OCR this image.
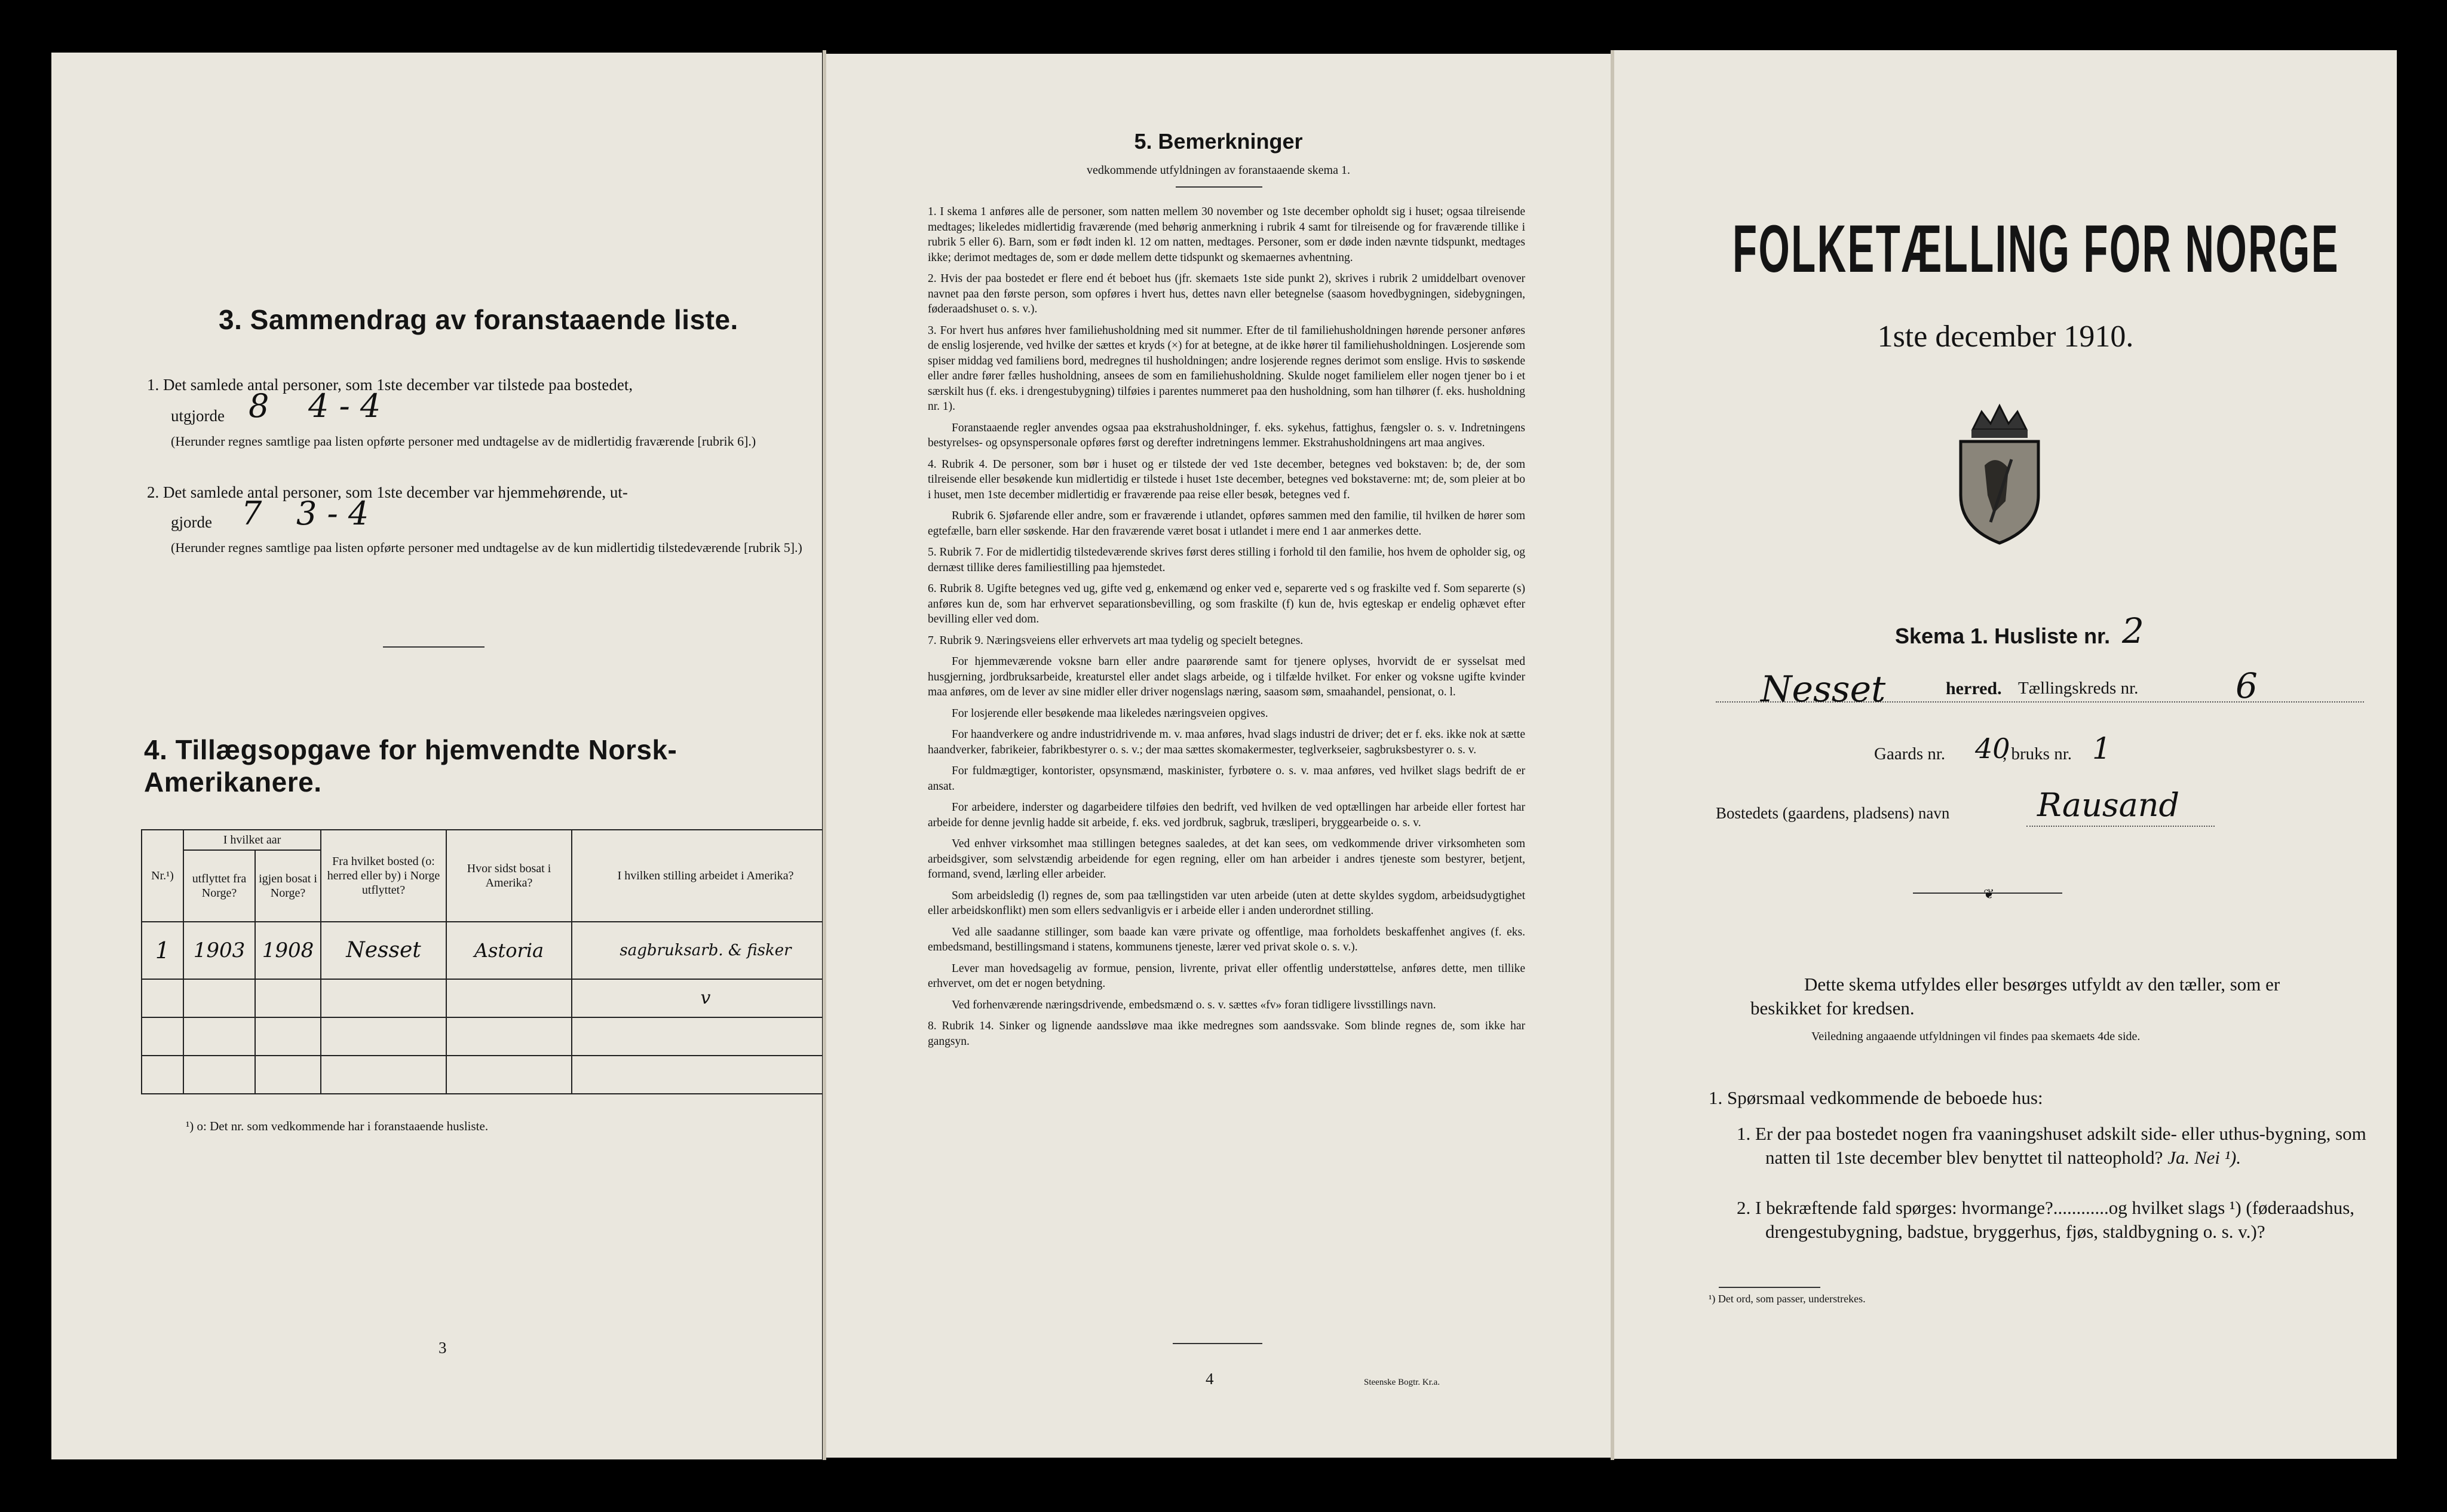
3. Sammendrag av foranstaaende liste.
1. Det samlede antal personer, som 1ste december var tilstede paa bostedet,
utgjorde 8 4 - 4
(Herunder regnes samtlige paa listen opførte personer med undtagelse av de midlertidig fraværende [rubrik 6].)
2. Det samlede antal personer, som 1ste december var hjemmehørende, ut-
gjorde 7 3 - 4
(Herunder regnes samtlige paa listen opførte personer med undtagelse av de kun midlertidig tilstedeværende [rubrik 5].)
4. Tillægsopgave for hjemvendte Norsk-Amerikanere.
Nr.¹)	I hvilket aar		Fra hvilket bosted (o: herred eller by) i Norge utflyttet?	Hvor sidst bosat i Amerika?	I hvilken stilling arbeidet i Amerika?
	utflyttet fra Norge?	igjen bosat i Norge?			
1	1903	1908	Nesset	Astoria	sagbruksarb. & fisker
					v

¹) o: Det nr. som vedkommende har i foranstaaende husliste.
3
5. Bemerkninger
vedkommende utfyldningen av foranstaaende skema 1.

1. I skema 1 anføres alle de personer, som natten mellem 30 november og 1ste december opholdt sig i huset; ogsaa tilreisende medtages; likeledes midlertidig fraværende (med behørig anmerkning i rubrik 4 samt for tilreisende og for fraværende tillike i rubrik 5 eller 6). Barn, som er født inden kl. 12 om natten, medtages. Personer, som er døde inden nævnte tidspunkt, medtages ikke; derimot medtages de, som er døde mellem dette tidspunkt og skemaernes avhentning.

2. Hvis der paa bostedet er flere end ét beboet hus (jfr. skemaets 1ste side punkt 2), skrives i rubrik 2 umiddelbart ovenover navnet paa den første person, som opføres i hvert hus, dettes navn eller betegnelse (saasom hovedbygningen, sidebygningen, føderaadshuset o. s. v.).

3. For hvert hus anføres hver familiehusholdning med sit nummer. Efter de til familiehusholdningen hørende personer anføres de enslig losjerende, ved hvilke der sættes et kryds (×) for at betegne, at de ikke hører til familiehusholdningen. Losjerende som spiser middag ved familiens bord, medregnes til husholdningen; andre losjerende regnes derimot som enslige. Hvis to søskende eller andre fører fælles husholdning, ansees de som en familiehusholdning. Skulde noget familielem eller nogen tjener bo i et særskilt hus (f. eks. i drengestubygning) tilføies i parentes nummeret paa den husholdning, som han tilhører (f. eks. husholdning nr. 1).

Foranstaaende regler anvendes ogsaa paa ekstrahusholdninger, f. eks. sykehus, fattighus, fængsler o. s. v. Indretningens bestyrelses- og opsynspersonale opføres først og derefter indretningens lemmer. Ekstrahusholdningens art maa angives.

4. Rubrik 4. De personer, som bør i huset og er tilstede der ved 1ste december, betegnes ved bokstaven: b; de, der som tilreisende eller besøkende kun midlertidig er tilstede i huset 1ste december, betegnes ved bokstaverne: mt; de, som pleier at bo i huset, men 1ste december midlertidig er fraværende paa reise eller besøk, betegnes ved f.

Rubrik 6. Sjøfarende eller andre, som er fraværende i utlandet, opføres sammen med den familie, til hvilken de hører som egtefælle, barn eller søskende. Har den fraværende været bosat i utlandet i mere end 1 aar anmerkes dette.

5. Rubrik 7. For de midlertidig tilstedeværende skrives først deres stilling i forhold til den familie, hos hvem de opholder sig, og dernæst tillike deres familiestilling paa hjemstedet.

6. Rubrik 8. Ugifte betegnes ved ug, gifte ved g, enkemænd og enker ved e, separerte ved s og fraskilte ved f. Som separerte (s) anføres kun de, som har erhvervet separationsbevilling, og som fraskilte (f) kun de, hvis egteskap er endelig ophævet efter bevilling eller ved dom.

7. Rubrik 9. Næringsveiens eller erhvervets art maa tydelig og specielt betegnes.

For hjemmeværende voksne barn eller andre paarørende samt for tjenere oplyses, hvorvidt de er sysselsat med husgjerning, jordbruksarbeide, kreaturstel eller andet slags arbeide, og i tilfælde hvilket. For enker og voksne ugifte kvinder maa anføres, om de lever av sine midler eller driver nogenslags næring, saasom søm, smaahandel, pensionat, o. l.

For losjerende eller besøkende maa likeledes næringsveien opgives.

For haandverkere og andre industridrivende m. v. maa anføres, hvad slags industri de driver; det er f. eks. ikke nok at sætte haandverker, fabrikeier, fabrikbestyrer o. s. v.; der maa sættes skomakermester, teglverkseier, sagbruksbestyrer o. s. v.

For fuldmægtiger, kontorister, opsynsmænd, maskinister, fyrbøtere o. s. v. maa anføres, ved hvilket slags bedrift de er ansat.

For arbeidere, inderster og dagarbeidere tilføies den bedrift, ved hvilken de ved optællingen har arbeide eller fortest har arbeide for denne jevnlig hadde sit arbeide, f. eks. ved jordbruk, sagbruk, træsliperi, bryggearbeide o. s. v.

Ved enhver virksomhet maa stillingen betegnes saaledes, at det kan sees, om vedkommende driver virksomheten som arbeidsgiver, som selvstændig arbeidende for egen regning, eller om han arbeider i andres tjeneste som bestyrer, betjent, formand, svend, lærling eller arbeider.

Som arbeidsledig (l) regnes de, som paa tællingstiden var uten arbeide (uten at dette skyldes sygdom, arbeidsudygtighet eller arbeidskonflikt) men som ellers sedvanligvis er i arbeide eller i anden underordnet stilling.

Ved alle saadanne stillinger, som baade kan være private og offentlige, maa forholdets beskaffenhet angives (f. eks. embedsmand, bestillingsmand i statens, kommunens tjeneste, lærer ved privat skole o. s. v.).

Lever man hovedsagelig av formue, pension, livrente, privat eller offentlig understøttelse, anføres dette, men tillike erhvervet, om det er nogen betydning.

Ved forhenværende næringsdrivende, embedsmænd o. s. v. sættes «fv» foran tidligere livsstillings navn.

8. Rubrik 14. Sinker og lignende aandssløve maa ikke medregnes som aandssvake. Som blinde regnes de, som ikke har gangsyn.

4	Steenske Bogtr. Kr.a.
FOLKETÆLLING FOR NORGE
1ste december 1910.
Skema 1. Husliste nr. 2
Nesset	herred. Tællingskreds nr.	6
Gaards nr. 40
, bruks nr. 1
Bostedets (gaardens, pladsens) navn	Rausand
❦
Dette skema utfyldes eller besørges utfyldt av den tæller, som er beskikket for kredsen.
Veiledning angaaende utfyldningen vil findes paa skemaets 4de side.
1. Spørsmaal vedkommende de beboede hus:
1. Er der paa bostedet nogen fra vaaningshuset adskilt side- eller uthus-bygning, som natten til 1ste december blev benyttet til natteophold? Ja. Nei ¹).
2. I bekræftende fald spørges: hvormange?............og hvilket slags ¹) (føderaadshus, drengestubygning, badstue, bryggerhus, fjøs, staldbygning o. s. v.)?
¹) Det ord, som passer, understrekes.
